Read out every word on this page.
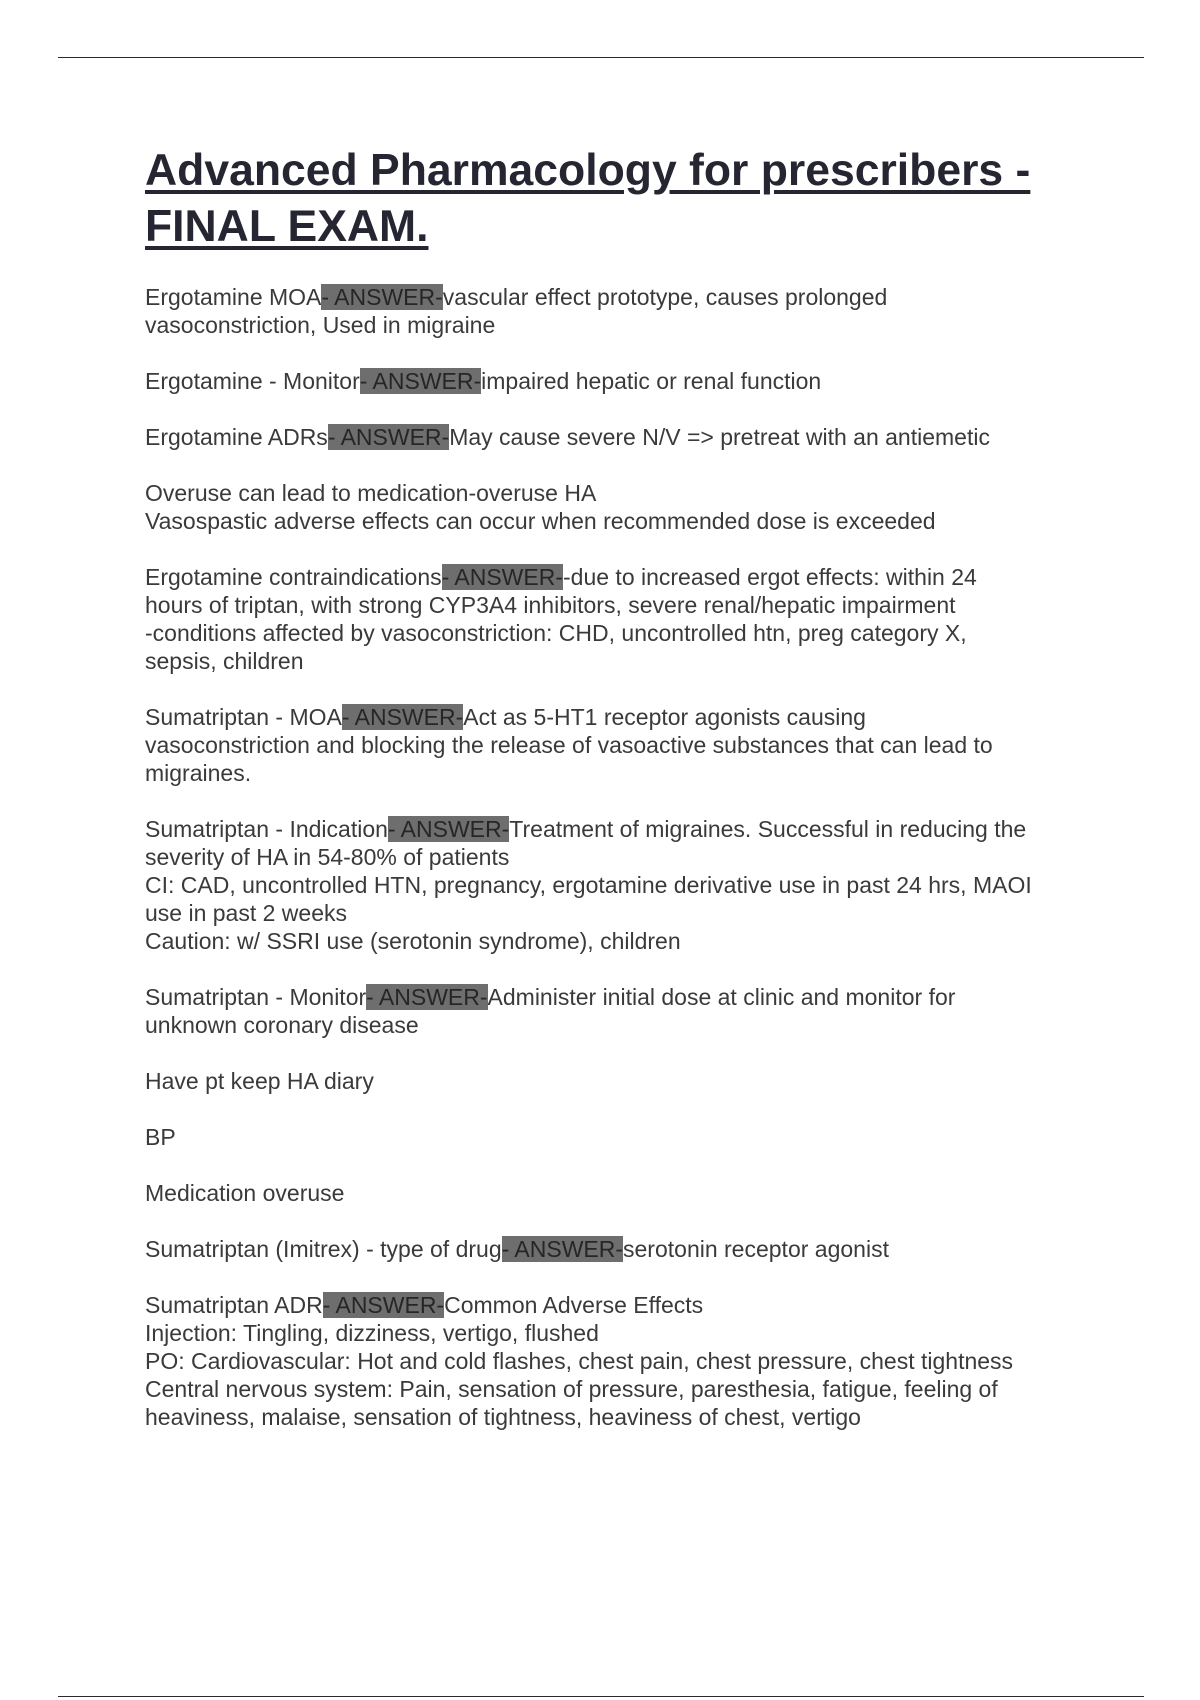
Advanced Pharmacology for prescribers -FINAL EXAM.
Ergotamine MOA- ANSWER-vascular effect prototype, causes prolonged
vasoconstriction, Used in migraine
Ergotamine - Monitor- ANSWER-impaired hepatic or renal function
Ergotamine ADRs- ANSWER-May cause severe N/V => pretreat with an antiemetic
Overuse can lead to medication-overuse HA
Vasospastic adverse effects can occur when recommended dose is exceeded
Ergotamine contraindications- ANSWER--due to increased ergot effects: within 24
hours of triptan, with strong CYP3A4 inhibitors, severe renal/hepatic impairment
-conditions affected by vasoconstriction: CHD, uncontrolled htn, preg category X,
sepsis, children
Sumatriptan - MOA- ANSWER-Act as 5-HT1 receptor agonists causing
vasoconstriction and blocking the release of vasoactive substances that can lead to
migraines.
Sumatriptan - Indication- ANSWER-Treatment of migraines. Successful in reducing the
severity of HA in 54-80% of patients
CI: CAD, uncontrolled HTN, pregnancy, ergotamine derivative use in past 24 hrs, MAOI
use in past 2 weeks
Caution: w/ SSRI use (serotonin syndrome), children
Sumatriptan - Monitor- ANSWER-Administer initial dose at clinic and monitor for
unknown coronary disease
Have pt keep HA diary
BP
Medication overuse
Sumatriptan (Imitrex) - type of drug- ANSWER-serotonin receptor agonist
Sumatriptan ADR- ANSWER-Common Adverse Effects
Injection: Tingling, dizziness, vertigo, flushed
PO: Cardiovascular: Hot and cold flashes, chest pain, chest pressure, chest tightness
Central nervous system: Pain, sensation of pressure, paresthesia, fatigue, feeling of
heaviness, malaise, sensation of tightness, heaviness of chest, vertigo
